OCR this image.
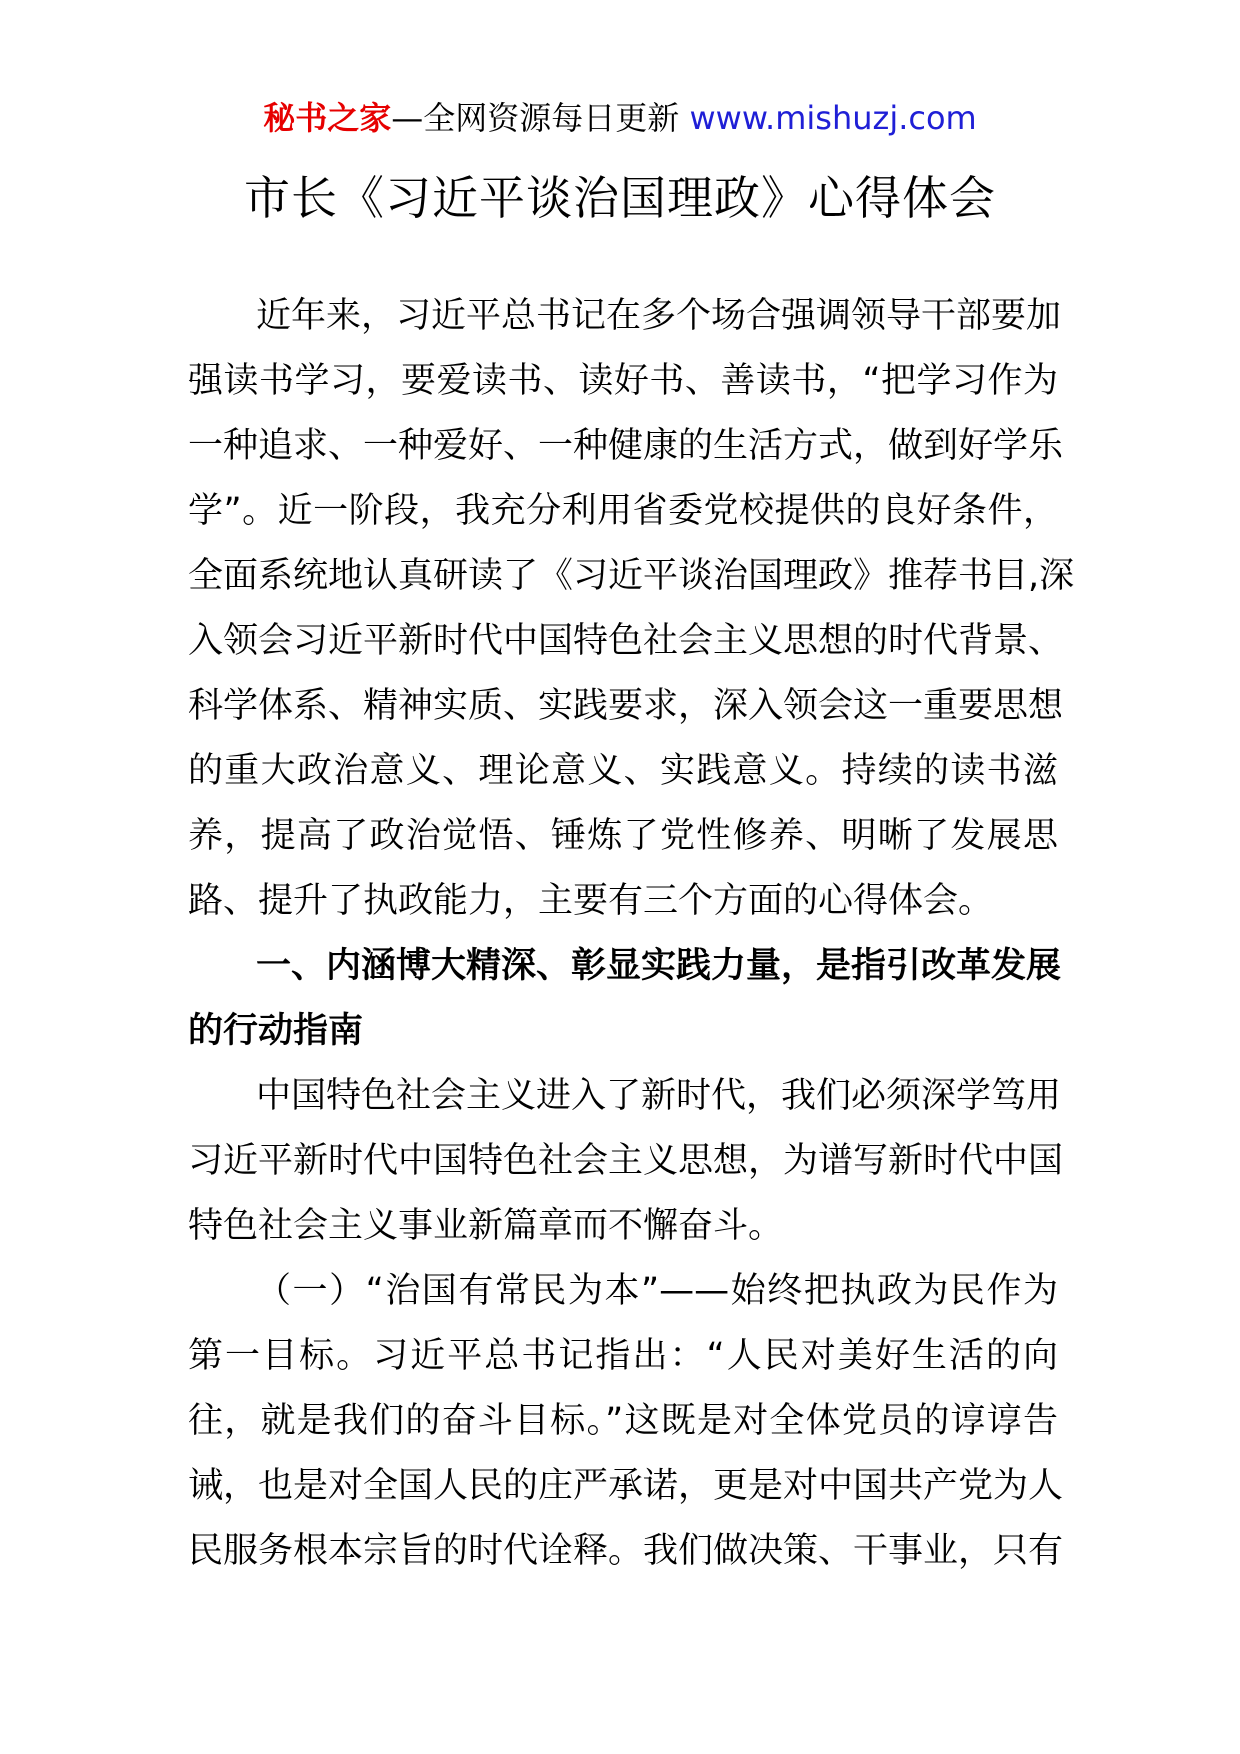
秘书之家—全网资源每日更新 www.mishuzj.com
市长《习近平谈治国理政》心得体会
近年来，习近平总书记在多个场合强调领导干部要加
强读书学习，要爱读书、读好书、善读书，“把学习作为
一种追求、一种爱好、一种健康的生活方式，做到好学乐
学”。近一阶段，我充分利用省委党校提供的良好条件，
全面系统地认真研读了《习近平谈治国理政》推荐书目,深
入领会习近平新时代中国特色社会主义思想的时代背景、
科学体系、精神实质、实践要求，深入领会这一重要思想
的重大政治意义、理论意义、实践意义。持续的读书滋
养，提高了政治觉悟、锤炼了党性修养、明晰了发展思
路、提升了执政能力，主要有三个方面的心得体会。
一、内涵博大精深、彰显实践力量，是指引改革发展
的行动指南
中国特色社会主义进入了新时代，我们必须深学笃用
习近平新时代中国特色社会主义思想，为谱写新时代中国
特色社会主义事业新篇章而不懈奋斗。
（一）“治国有常民为本”——始终把执政为民作为
第一目标。习近平总书记指出：“人民对美好生活的向
往，就是我们的奋斗目标。”这既是对全体党员的谆谆告
诫，也是对全国人民的庄严承诺，更是对中国共产党为人
民服务根本宗旨的时代诠释。我们做决策、干事业，只有
